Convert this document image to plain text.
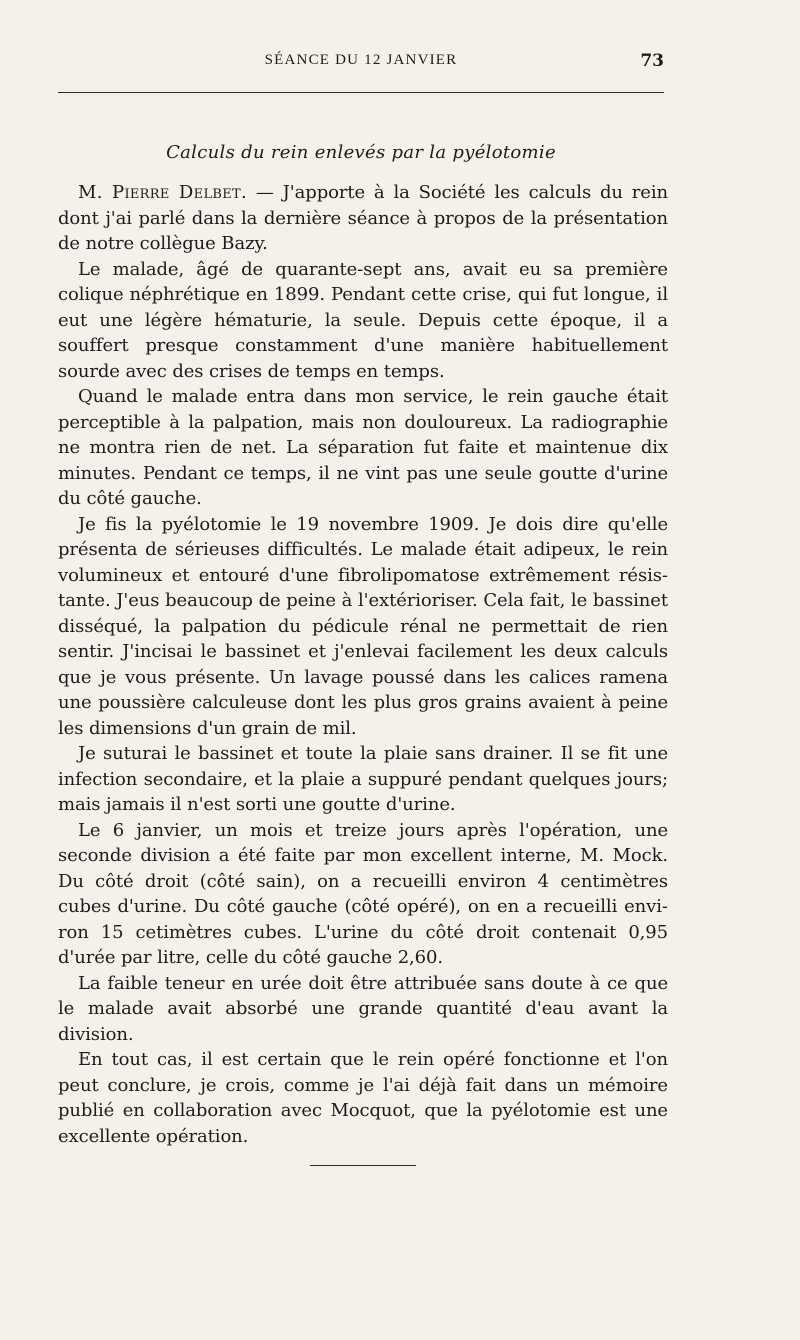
SÉANCE DU 12 JANVIER	73
Calculs du rein enlevés par la pyélotomie

M. Pierre Delbet. — J'apporte à la Société les calculs du rein dont j'ai parlé dans la dernière séance à propos de la présentation de notre collègue Bazy.

Le malade, âgé de quarante-sept ans, avait eu sa première colique néphrétique en 1899. Pendant cette crise, qui fut longue, il eut une légère hématurie, la seule. Depuis cette époque, il a souffert presque constamment d'une manière habituellement sourde avec des crises de temps en temps.

Quand le malade entra dans mon service, le rein gauche était perceptible à la palpation, mais non douloureux. La radiographie ne montra rien de net. La séparation fut faite et maintenue dix minutes. Pendant ce temps, il ne vint pas une seule goutte d'urine du côté gauche.

Je fis la pyélotomie le 19 novembre 1909. Je dois dire qu'elle présenta de sérieuses difficultés. Le malade était adipeux, le rein volumineux et entouré d'une fibrolipomatose extrêmement résistante. J'eus beaucoup de peine à l'extérioriser. Cela fait, le bassinet disséqué, la palpation du pédicule rénal ne permettait de rien sentir. J'incisai le bassinet et j'enlevai facilement les deux calculs que je vous présente. Un lavage poussé dans les calices ramena une poussière calculeuse dont les plus gros grains avaient à peine les dimensions d'un grain de mil.

Je suturai le bassinet et toute la plaie sans drainer. Il se fit une infection secondaire, et la plaie a suppuré pendant quelques jours; mais jamais il n'est sorti une goutte d'urine.

Le 6 janvier, un mois et treize jours après l'opération, une seconde division a été faite par mon excellent interne, M. Mock. Du côté droit (côté sain), on a recueilli environ 4 centimètres cubes d'urine. Du côté gauche (côté opéré), on en a recueilli environ 15 cetimètres cubes. L'urine du côté droit contenait 0,95 d'urée par litre, celle du côté gauche 2,60.

La faible teneur en urée doit être attribuée sans doute à ce que le malade avait absorbé une grande quantité d'eau avant la division.

En tout cas, il est certain que le rein opéré fonctionne et l'on peut conclure, je crois, comme je l'ai déjà fait dans un mémoire publié en collaboration avec Mocquot, que la pyélotomie est une excellente opération.
